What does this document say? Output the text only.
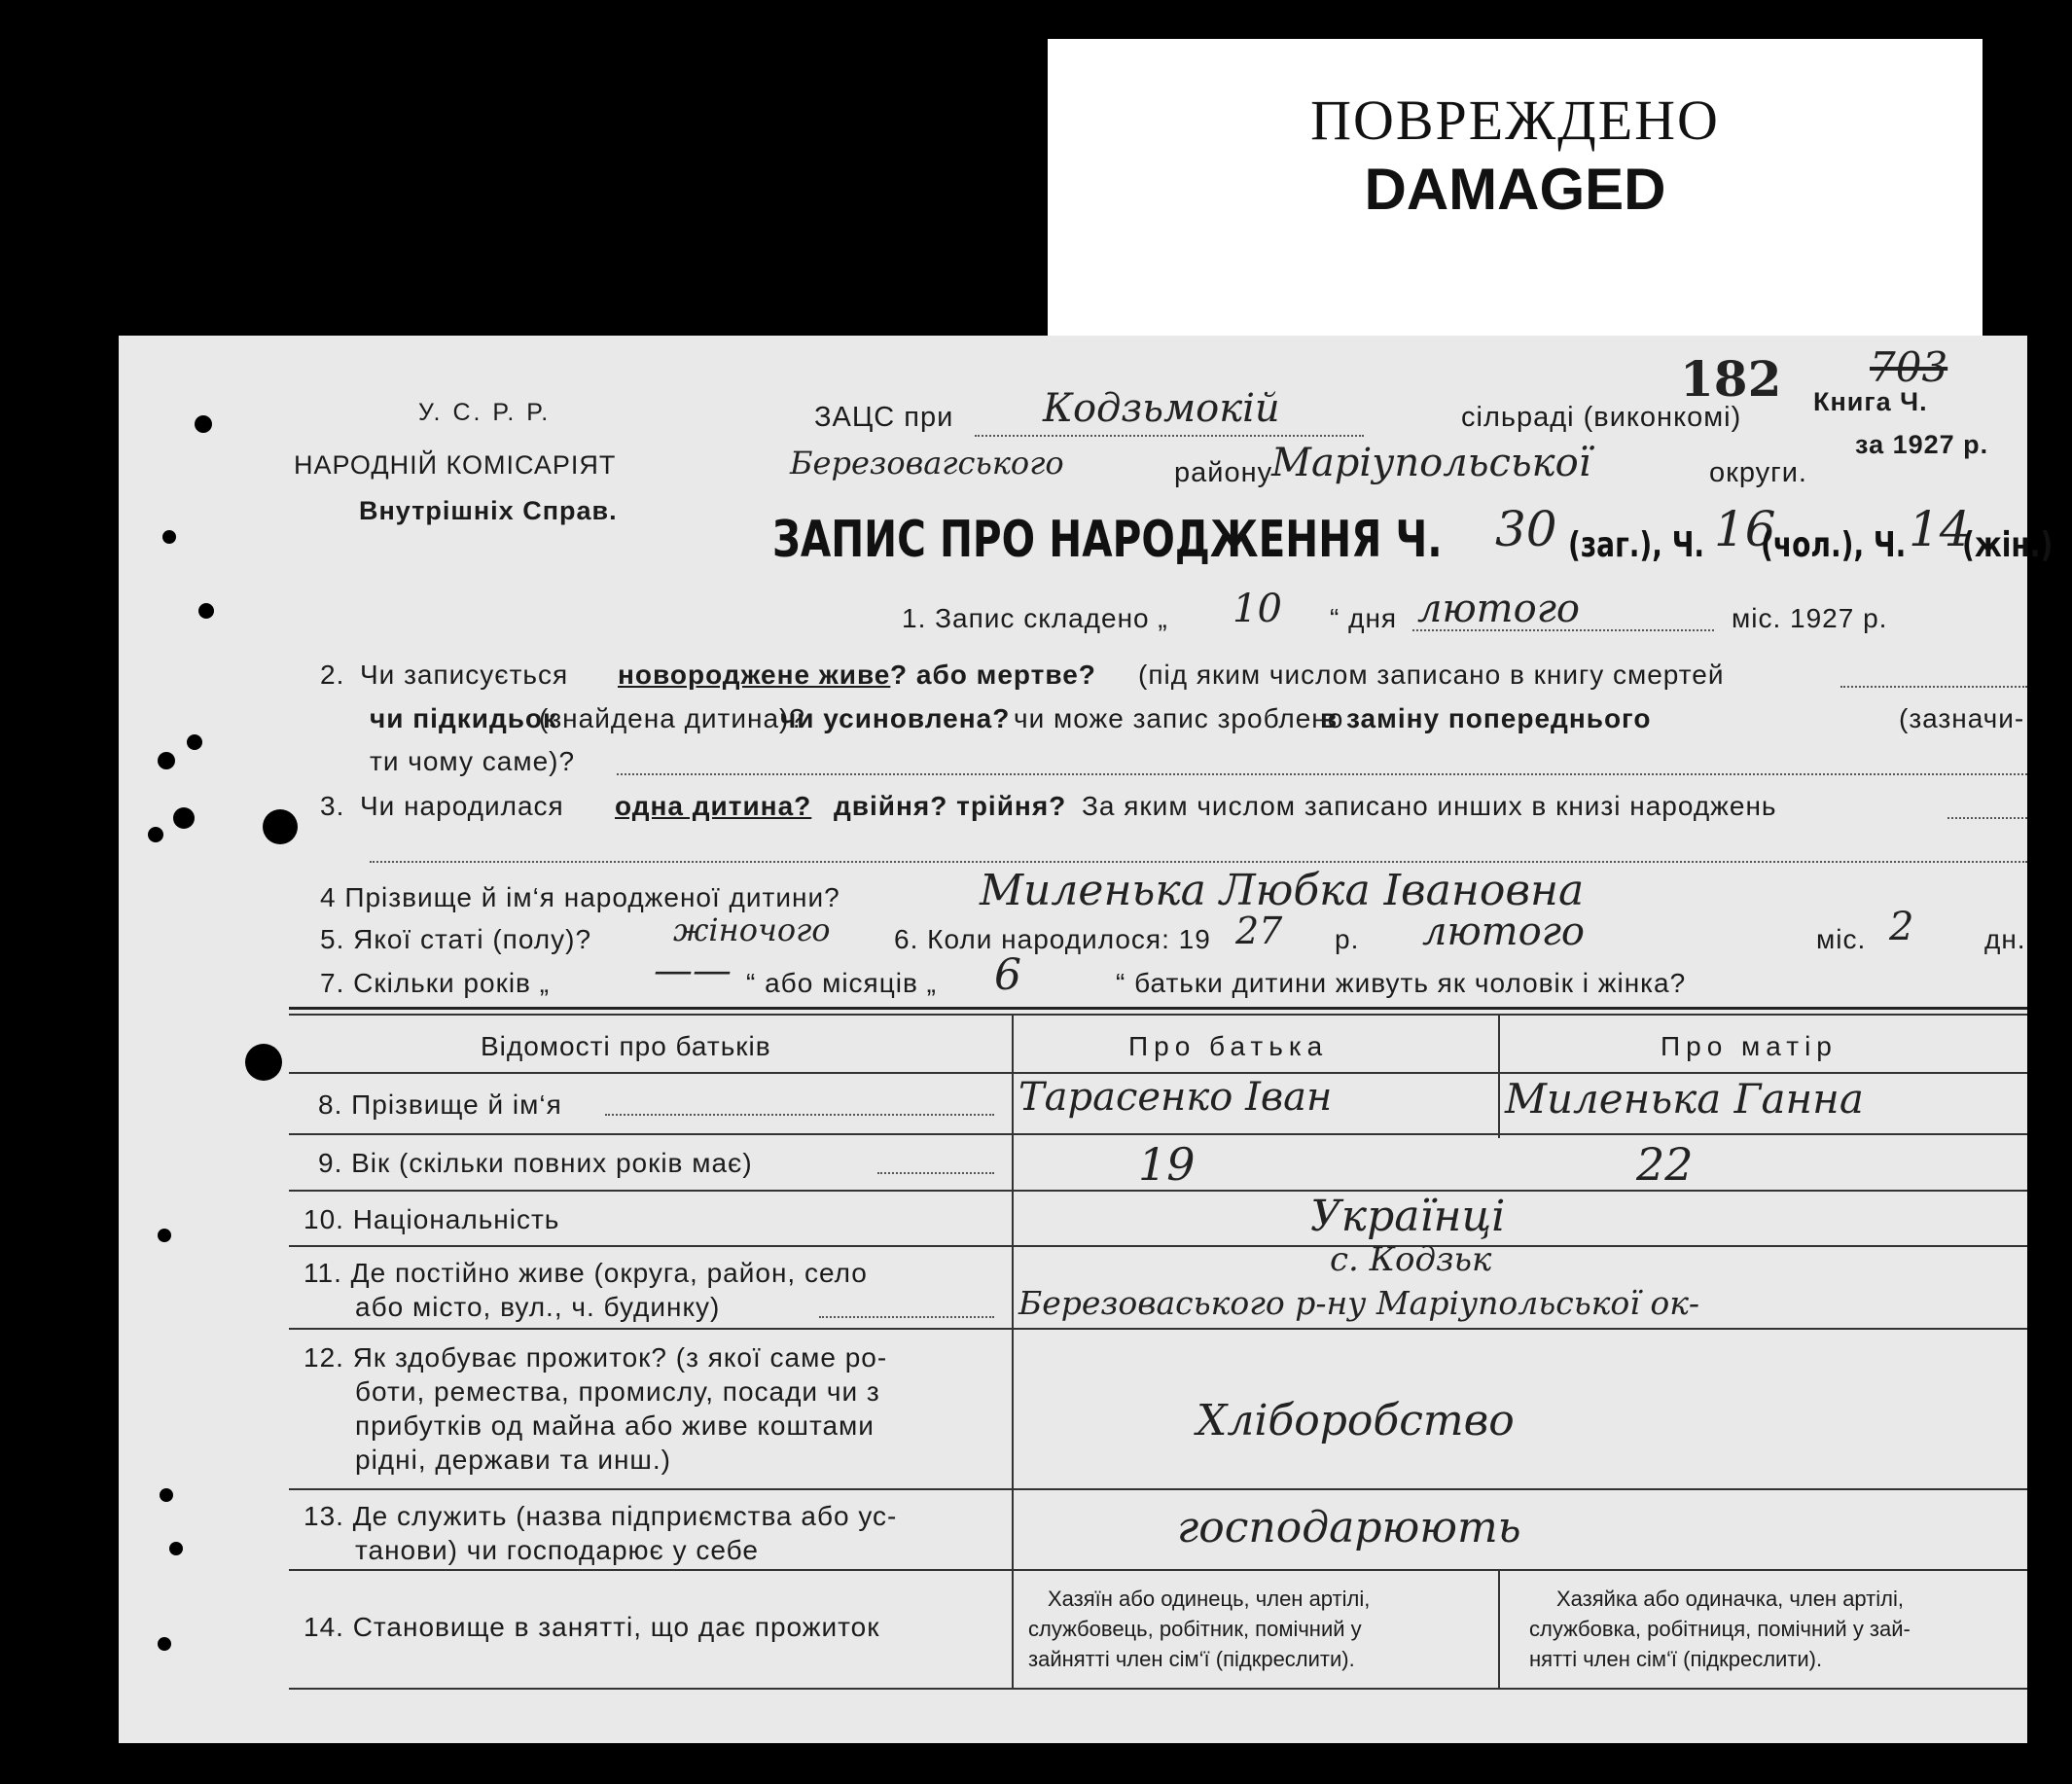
ПОВРЕЖДЕНО
DAMAGED
У. С. Р. Р.
НАРОДНІЙ КОМІСАРІЯТ
Внутрішніх Справ.
ЗАЦС при Кодзьмокій	сільраді (виконкомі)
Березовагського	району
Маріупольської	округи.
182 703
Книга Ч.
за 1927 р.
ЗАПИС ПРО НАРОДЖЕННЯ Ч. 30 (заг.), Ч. 16
(чол.), Ч. 14
(жін.)
1. Запис складено „ 10 “ дня лютого	міс. 1927 р.
2. Чи записується новороджене живе ? або мертве? (під яким числом записано в книгу смертей
чи підкидьок
(знайдена дитина)?
чи усиновлена? чи може запис зроблено
в заміну попереднього	(зазначи-
ти чому саме)?
3. Чи народилася одна дитина? двійня? трійня? За яким числом записано инших в книзі народжень
4 Прізвище й ім‘я народженої дитини?	Миленька Любка Івановна
5. Якої статі (полу)?	жіночого 6. Коли народилося: 19 27 р. лютого	міс. 2	дн.
7. Скільки років „	—— “ або місяців „ 6	“ батьки дитини живуть як чоловік і жінка?
Відомості про батьків	Про батька	Про матір
8. Прізвище й ім‘я	Тарасенко Іван	Миленька Ганна
9. Вік (скільки повних років має)	19	22
10. Національність	Українці
11. Де постійно живе (округа, район, село
або місто, вул., ч. будинку)
с. Кодзьк
Березоваського р-ну Маріупольської ок-
12. Як здобуває прожиток? (з якої саме ро-
боти, ремества, промислу, посади чи з
прибутків од майна або живе коштами
рідні, держави та инш.)
Хліборобство
13. Де служить (назва підприємства або ус-
танови) чи господарює у себе	господарюють
14. Становище в занятті, що дає прожиток
Хазяїн або одинець, член артілі,
службовець, робітник, помічний у
зайнятті член сім‘ї (підкреслити).
Хазяйка або одиначка, член артілі,
службовка, робітниця, помічний у зай-
нятті член сім‘ї (підкреслити).
